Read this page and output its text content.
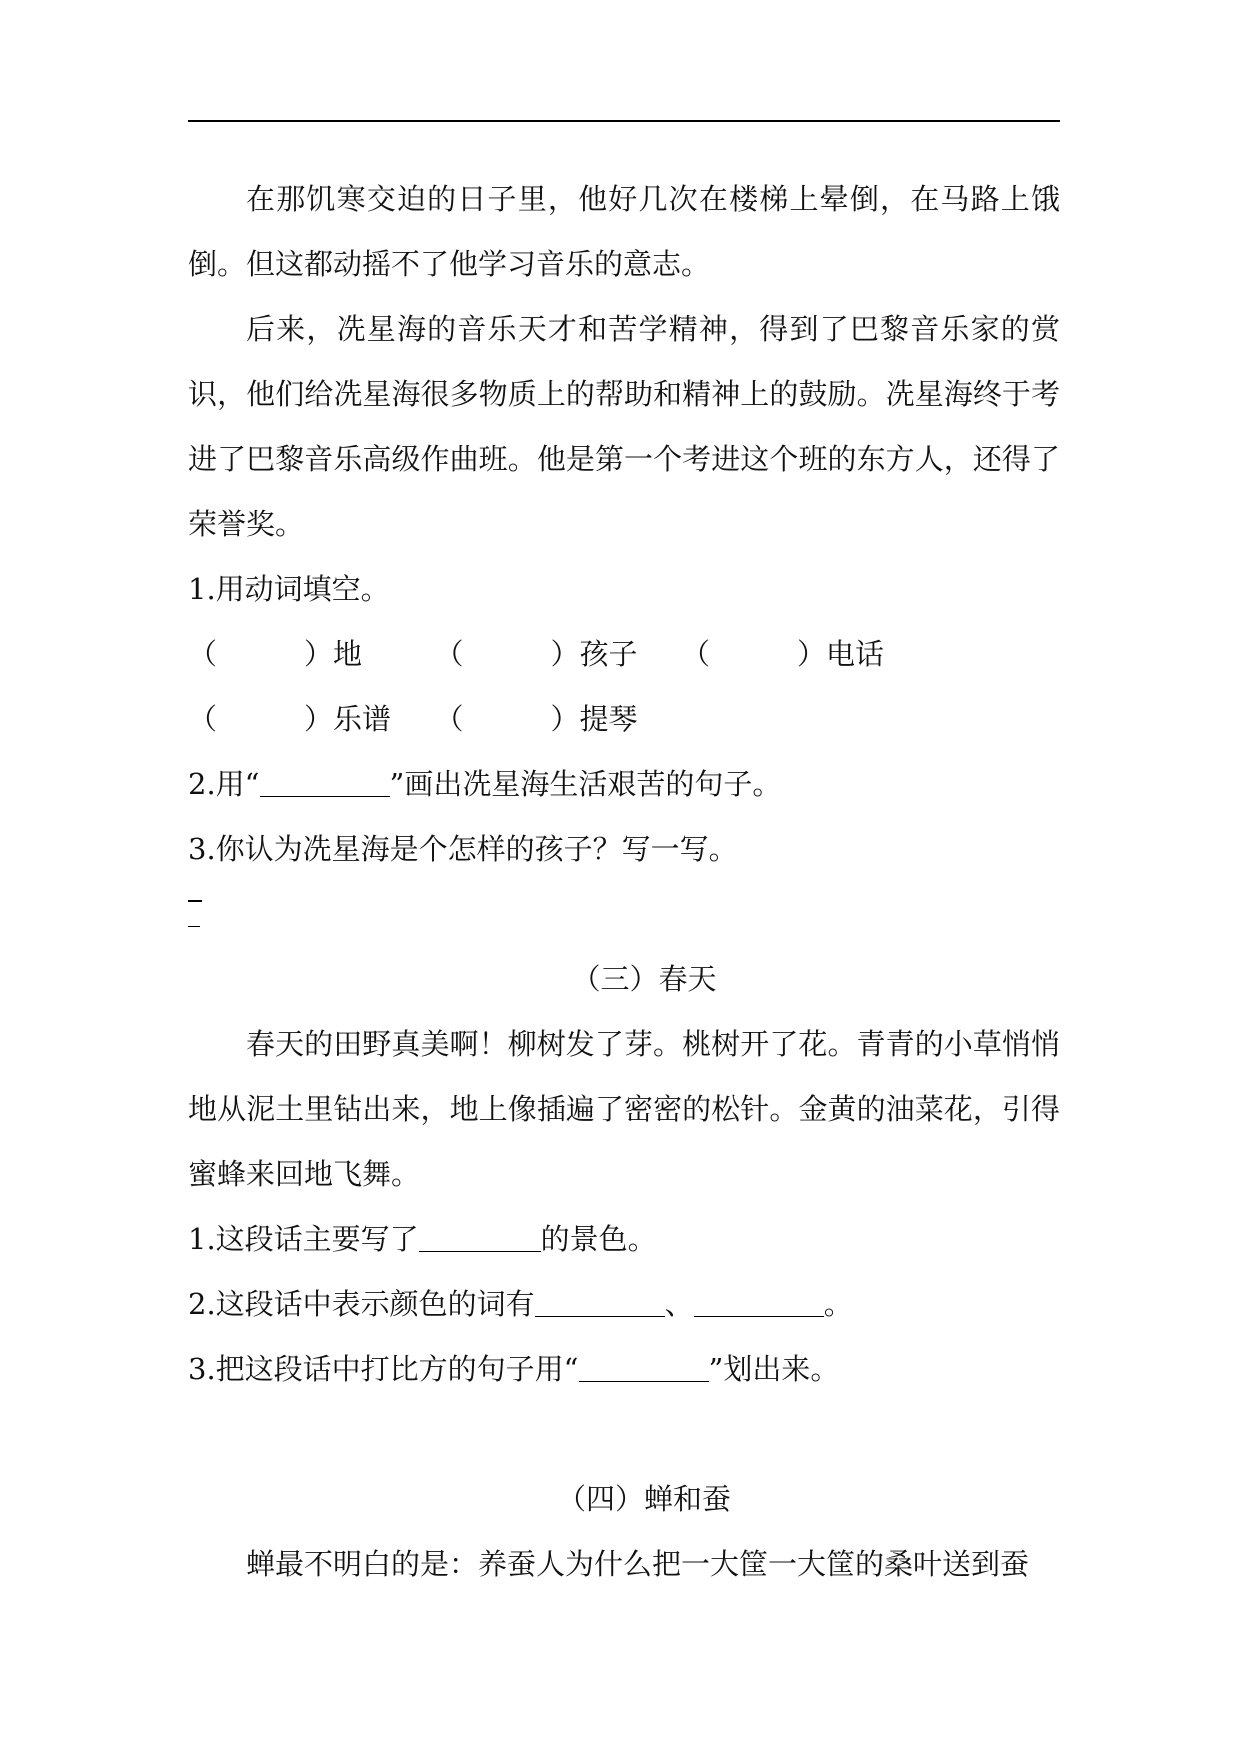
在那饥寒交迫的日子里，他好几次在楼梯上晕倒，在马路上饿倒。但这都动摇不了他学习音乐的意志。

后来，冼星海的音乐天才和苦学精神，得到了巴黎音乐家的赏识，他们给冼星海很多物质上的帮助和精神上的鼓励。冼星海终于考进了巴黎音乐高级作曲班。他是第一个考进这个班的东方人，还得了荣誉奖。

1.用动词填空。

（　　　）地　　　（　　　）孩子　　（　　　）电话

（　　　）乐谱　　（　　　）提琴

2.用“	”画出冼星海生活艰苦的句子。

3.你认为冼星海是个怎样的孩子？写一写。

（三）春天

春天的田野真美啊！柳树发了芽。桃树开了花。青青的小草悄悄地从泥土里钻出来，地上像插遍了密密的松针。金黄的油菜花，引得蜜蜂来回地飞舞。

1.这段话主要写了	的景色。

2.这段话中表示颜色的词有	、	。

3.把这段话中打比方的句子用“	”划出来。

（四）蝉和蚕

蝉最不明白的是：养蚕人为什么把一大筐一大筐的桑叶送到蚕
